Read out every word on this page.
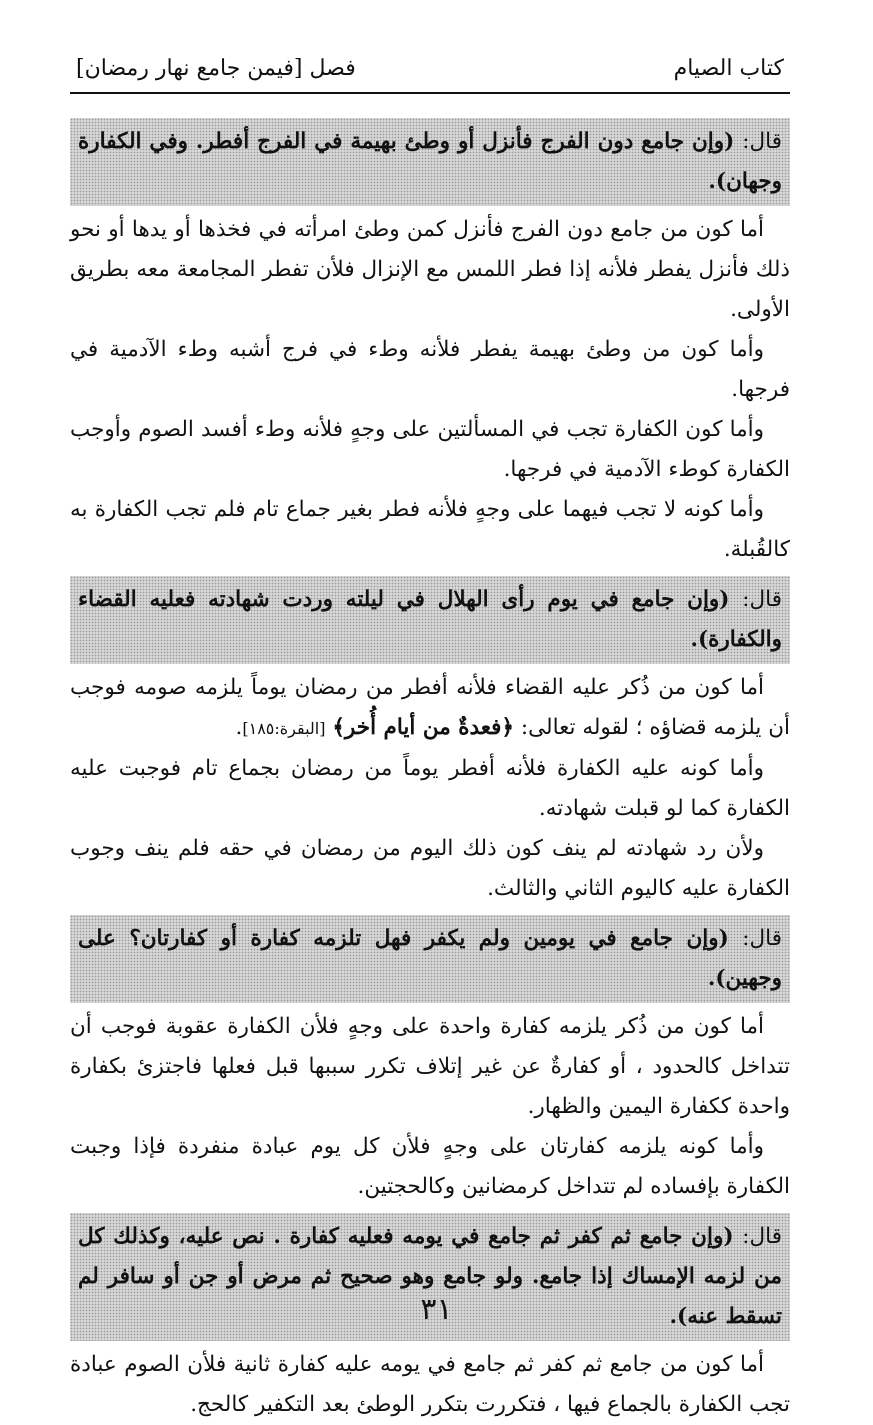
كتاب الصيام
فصل [فيمن جامع نهار رمضان]
قال: (وإن جامع دون الفرج فأنزل أو وطئ بهيمة في الفرج أفطر. وفي الكفارة وجهان).

أما كون من جامع دون الفرج فأنزل كمن وطئ امرأته في فخذها أو يدها أو نحو ذلك فأنزل يفطر فلأنه إذا فطر اللمس مع الإنزال فلأن تفطر المجامعة معه بطريق الأولى.

وأما كون من وطئ بهيمة يفطر فلأنه وطء في فرج أشبه وطء الآدمية في فرجها.

وأما كون الكفارة تجب في المسألتين على وجهٍ فلأنه وطء أفسد الصوم وأوجب الكفارة كوطء الآدمية في فرجها.

وأما كونه لا تجب فيهما على وجهٍ فلأنه فطر بغير جماع تام فلم تجب الكفارة به كالقُبلة.

قال: (وإن جامع في يوم رأى الهلال في ليلته وردت شهادته فعليه القضاء والكفارة).

أما كون من ذُكر عليه القضاء فلأنه أفطر من رمضان يوماً يلزمه صومه فوجب أن يلزمه قضاؤه ؛ لقوله تعالى: ﴿فعدةٌ من أيام أُخر﴾ [البقرة:١٨٥].

وأما كونه عليه الكفارة فلأنه أفطر يوماً من رمضان بجماع تام فوجبت عليه الكفارة كما لو قبلت شهادته.

ولأن رد شهادته لم ينف كون ذلك اليوم من رمضان في حقه فلم ينف وجوب الكفارة عليه كاليوم الثاني والثالث.

قال: (وإن جامع في يومين ولم يكفر فهل تلزمه كفارة أو كفارتان؟ على وجهين).

أما كون من ذُكر يلزمه كفارة واحدة على وجهٍ فلأن الكفارة عقوبة فوجب أن تتداخل كالحدود ، أو كفارةٌ عن غير إتلاف تكرر سببها قبل فعلها فاجتزئ بكفارة واحدة ككفارة اليمين والظهار.

وأما كونه يلزمه كفارتان على وجهٍ فلأن كل يوم عبادة منفردة فإذا وجبت الكفارة بإفساده لم تتداخل كرمضانين وكالحجتين.

قال: (وإن جامع ثم كفر ثم جامع في يومه فعليه كفارة . نص عليه، وكذلك كل من لزمه الإمساك إذا جامع. ولو جامع وهو صحيح ثم مرض أو جن أو سافر لم تسقط عنه).

أما كون من جامع ثم كفر ثم جامع في يومه عليه كفارة ثانية فلأن الصوم عبادة تجب الكفارة بالجماع فيها ، فتكررت بتكرر الوطئ بعد التكفير كالحج.

٣١
